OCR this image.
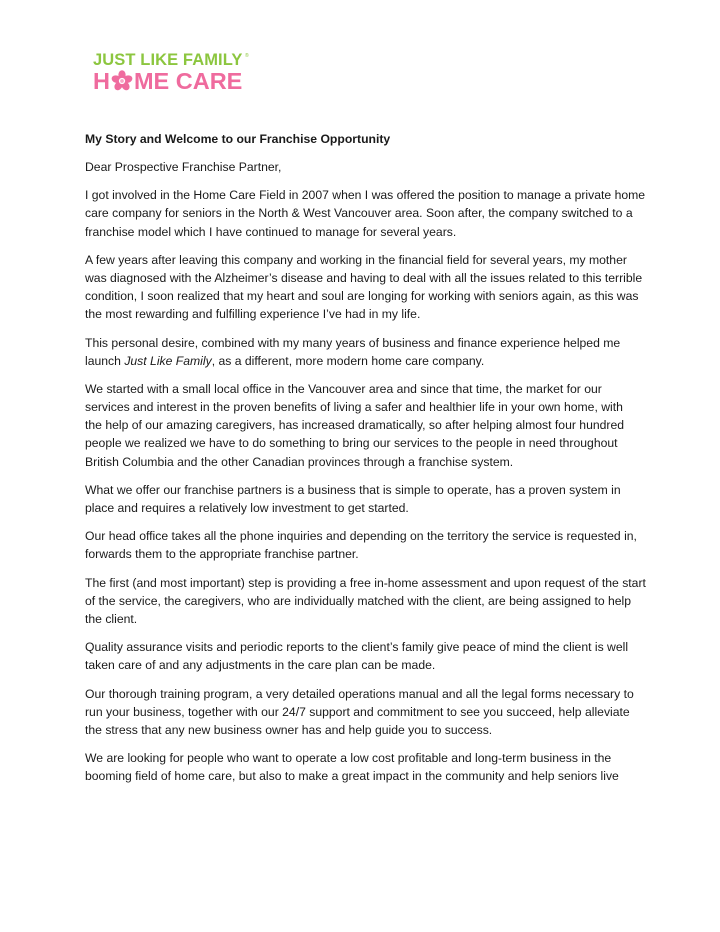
JUST LIKE FAMILY ®
H ME CARE
My Story and Welcome to our Franchise Opportunity
Dear Prospective Franchise Partner,
I got involved in the Home Care Field in 2007 when I was offered the position to manage a private home
care company for seniors in the North & West Vancouver area. Soon after, the company switched to a
franchise model which I have continued to manage for several years.
A few years after leaving this company and working in the financial field for several years, my mother
was diagnosed with the Alzheimer’s disease and having to deal with all the issues related to this terrible
condition, I soon realized that my heart and soul are longing for working with seniors again, as this was
the most rewarding and fulfilling experience I’ve had in my life.
This personal desire, combined with my many years of business and finance experience helped me
launch Just Like Family, as a different, more modern home care company.
We started with a small local office in the Vancouver area and since that time, the market for our
services and interest in the proven benefits of living a safer and healthier life in your own home, with
the help of our amazing caregivers, has increased dramatically, so after helping almost four hundred
people we realized we have to do something to bring our services to the people in need throughout
British Columbia and the other Canadian provinces through a franchise system.
What we offer our franchise partners is a business that is simple to operate, has a proven system in
place and requires a relatively low investment to get started.
Our head office takes all the phone inquiries and depending on the territory the service is requested in,
forwards them to the appropriate franchise partner.
The first (and most important) step is providing a free in-home assessment and upon request of the start
of the service, the caregivers, who are individually matched with the client, are being assigned to help
the client.
Quality assurance visits and periodic reports to the client’s family give peace of mind the client is well
taken care of and any adjustments in the care plan can be made.
Our thorough training program, a very detailed operations manual and all the legal forms necessary to
run your business, together with our 24/7 support and commitment to see you succeed, help alleviate
the stress that any new business owner has and help guide you to success.
We are looking for people who want to operate a low cost profitable and long-term business in the
booming field of home care, but also to make a great impact in the community and help seniors live
